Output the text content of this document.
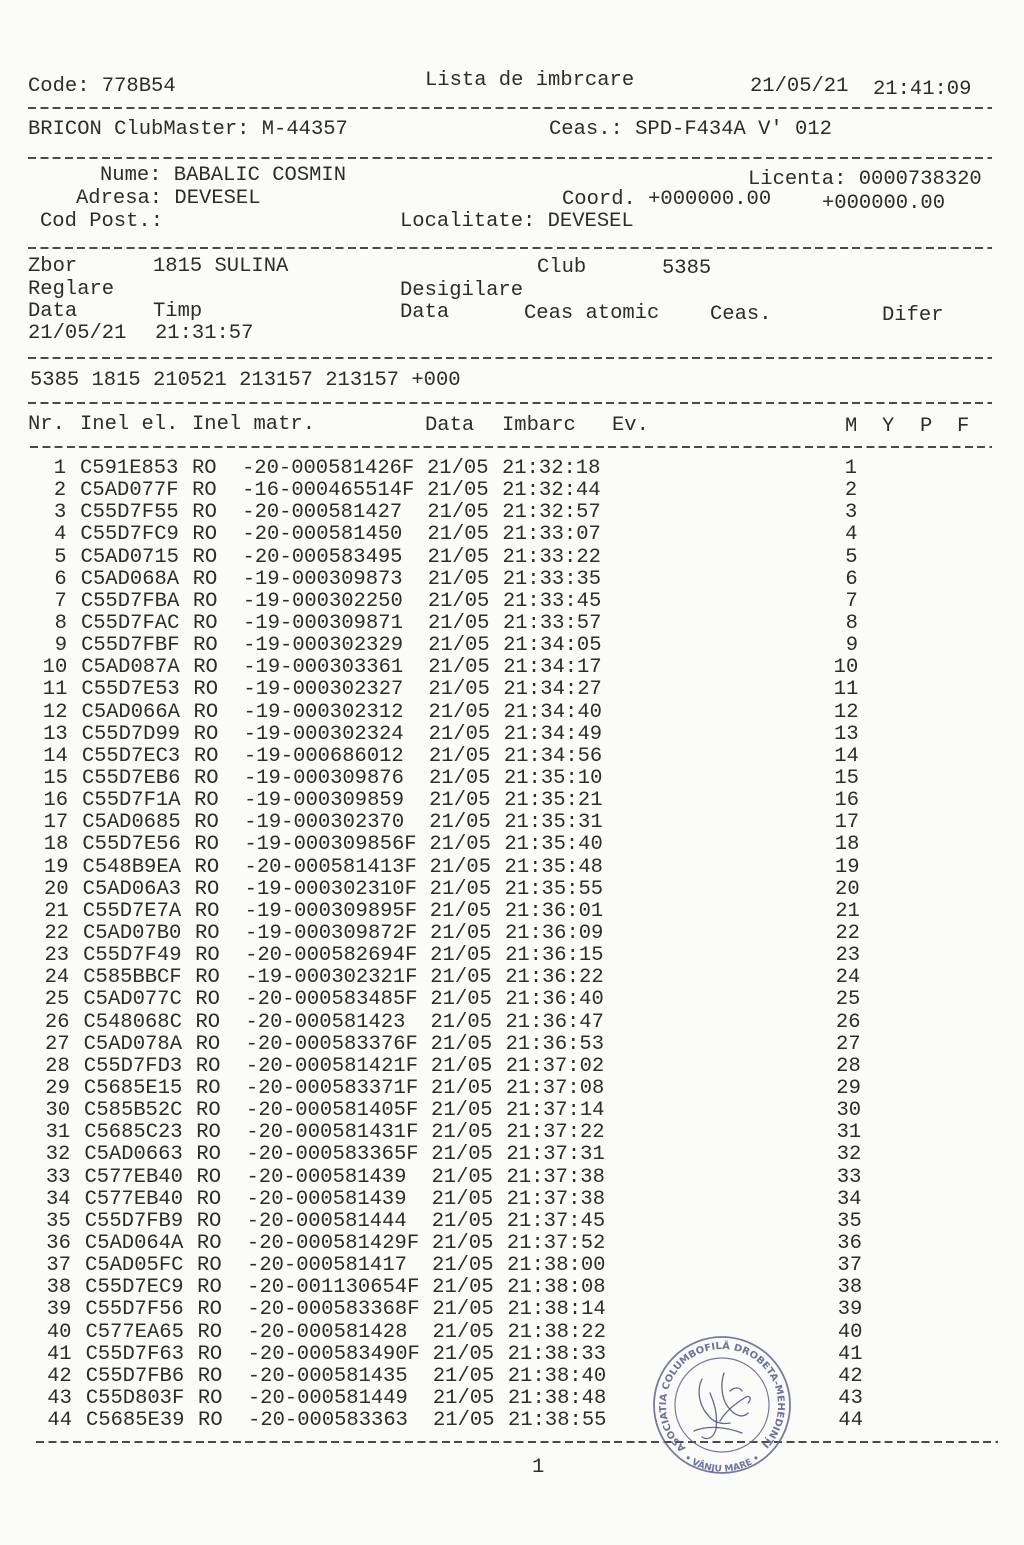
Code: 778B54	Lista de imbrcare	21/05/21 21:41:09
BRICON ClubMaster: M-44357	Ceas.: SPD-F434A V' 012
Nume: BABALIC COSMIN	Licenta: 0000738320
Adresa: DEVESEL	Coord. +000000.00 +000000.00
Cod Post.:	Localitate: DEVESEL
Zbor	1815 SULINA	Club	5385
Reglare	Desigilare
Data	Timp	Data	Ceas atomic Ceas.	Difer
21/05/21 21:31:57
5385 1815 210521 213157 213157 +000
Nr. Inel el. Inel matr.	Data Imbarc Ev.	M Y P F
1 C591E853 RO -20-000581426F 21/05 21:32:18	1
2 C5AD077F RO -16-000465514F 21/05 21:32:44	2
3 C55D7F55 RO -20-000581427 21/05 21:32:57	3
4 C55D7FC9 RO -20-000581450 21/05 21:33:07	4
5 C5AD0715 RO -20-000583495 21/05 21:33:22	5
6 C5AD068A RO -19-000309873 21/05 21:33:35	6
7 C55D7FBA RO -19-000302250 21/05 21:33:45	7
8 C55D7FAC RO -19-000309871 21/05 21:33:57	8
9 C55D7FBF RO -19-000302329 21/05 21:34:05	9
10 C5AD087A RO -19-000303361 21/05 21:34:17	10
11 C55D7E53 RO -19-000302327 21/05 21:34:27	11
12 C5AD066A RO -19-000302312 21/05 21:34:40	12
13 C55D7D99 RO -19-000302324 21/05 21:34:49	13
14 C55D7EC3 RO -19-000686012 21/05 21:34:56	14
15 C55D7EB6 RO -19-000309876 21/05 21:35:10	15
16 C55D7F1A RO -19-000309859 21/05 21:35:21	16
17 C5AD0685 RO -19-000302370 21/05 21:35:31	17
18 C55D7E56 RO -19-000309856F 21/05 21:35:40	18
19 C548B9EA RO -20-000581413F 21/05 21:35:48	19
20 C5AD06A3 RO -19-000302310F 21/05 21:35:55	20
21 C55D7E7A RO -19-000309895F 21/05 21:36:01	21
22 C5AD07B0 RO -19-000309872F 21/05 21:36:09	22
23 C55D7F49 RO -20-000582694F 21/05 21:36:15	23
24 C585BBCF RO -19-000302321F 21/05 21:36:22	24
25 C5AD077C RO -20-000583485F 21/05 21:36:40	25
26 C548068C RO -20-000581423 21/05 21:36:47	26
27 C5AD078A RO -20-000583376F 21/05 21:36:53	27
28 C55D7FD3 RO -20-000581421F 21/05 21:37:02	28
29 C5685E15 RO -20-000583371F 21/05 21:37:08	29
30 C585B52C RO -20-000581405F 21/05 21:37:14	30
31 C5685C23 RO -20-000581431F 21/05 21:37:22	31
32 C5AD0663 RO -20-000583365F 21/05 21:37:31	32
33 C577EB40 RO -20-000581439 21/05 21:37:38	33
34 C577EB40 RO -20-000581439 21/05 21:37:38	34
35 C55D7FB9 RO -20-000581444 21/05 21:37:45	35
36 C5AD064A RO -20-000581429F 21/05 21:37:52	36
37 C5AD05FC RO -20-000581417 21/05 21:38:00	37
38 C55D7EC9 RO -20-001130654F 21/05 21:38:08	38
39 C55D7F56 RO -20-000583368F 21/05 21:38:14	39
40 C577EA65 RO -20-000581428 21/05 21:38:22	40
41 C55D7F63 RO -20-000583490F 21/05 21:38:33	41
42 C55D7FB6 RO -20-000581435 21/05 21:38:40	42
43 C55D803F RO -20-000581449 21/05 21:38:48	43
44 C5685E39 RO -20-000583363 21/05 21:38:55	44
1
ASOCIATIA COLUMBOFILĂ DROBETA-MEHEDINȚI
• VÂNJU MARE •
